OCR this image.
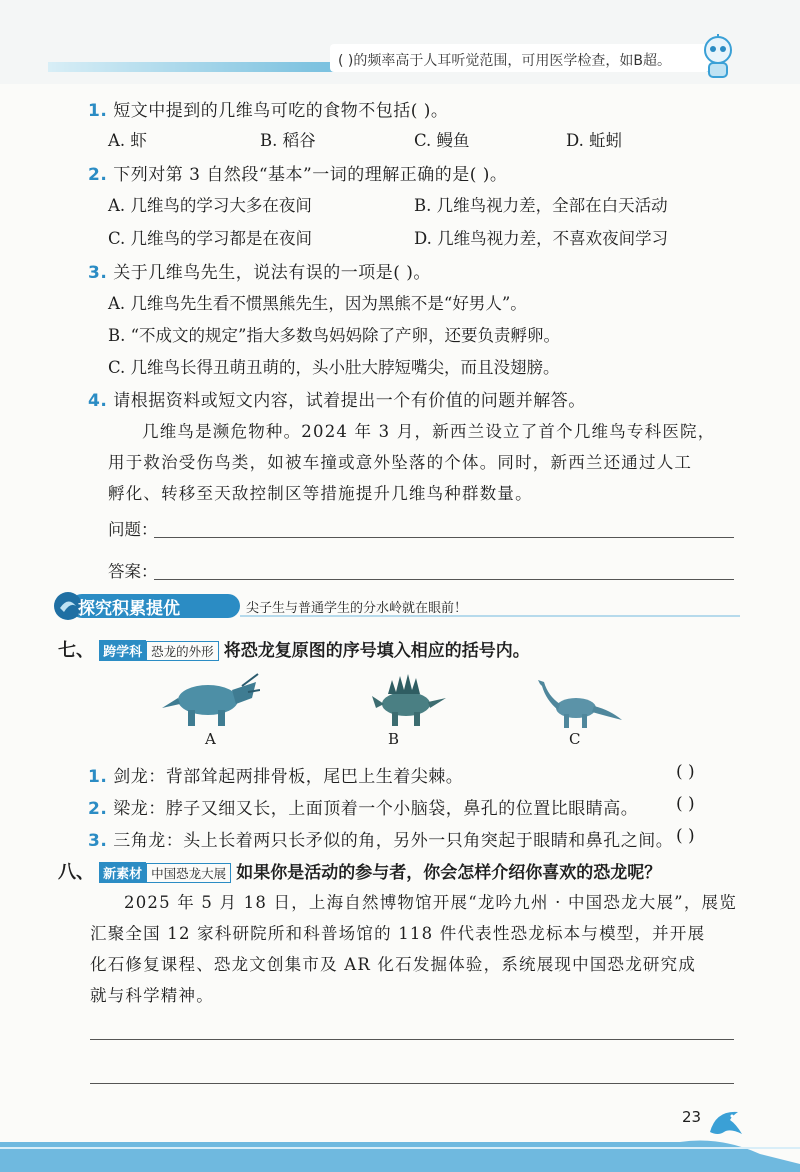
( )的频率高于人耳听觉范围，可用医学检查，如B超。
1. 短文中提到的几维鸟可吃的食物不包括( )。
A. 虾	B. 稻谷	C. 鳗鱼	D. 蚯蚓
2. 下列对第 3 自然段“基本”一词的理解正确的是( )。
A. 几维鸟的学习大多在夜间	B. 几维鸟视力差，全部在白天活动
C. 几维鸟的学习都是在夜间	D. 几维鸟视力差，不喜欢夜间学习
3. 关于几维鸟先生，说法有误的一项是( )。
A. 几维鸟先生看不惯黑熊先生，因为黑熊不是“好男人”。
B. “不成文的规定”指大多数鸟妈妈除了产卵，还要负责孵卵。
C. 几维鸟长得丑萌丑萌的，头小肚大脖短嘴尖，而且没翅膀。
4. 请根据资料或短文内容，试着提出一个有价值的问题并解答。
几维鸟是濒危物种。2024 年 3 月，新西兰设立了首个几维鸟专科医院，
用于救治受伤鸟类，如被车撞或意外坠落的个体。同时，新西兰还通过人工
孵化、转移至天敌控制区等措施提升几维鸟种群数量。
问题：
答案：
探究积累提优	尖子生与普通学生的分水岭就在眼前！
七、 跨学科 恐龙的外形 将恐龙复原图的序号填入相应的括号内。
A	B	C
1. 剑龙：背部耸起两排骨板，尾巴上生着尖棘。	( )
2. 梁龙：脖子又细又长，上面顶着一个小脑袋，鼻孔的位置比眼睛高。 ( )
3. 三角龙：头上长着两只长矛似的角，另外一只角突起于眼睛和鼻孔之间。 ( )
八、 新素材 中国恐龙大展 如果你是活动的参与者，你会怎样介绍你喜欢的恐龙呢？
2025 年 5 月 18 日，上海自然博物馆开展“龙吟九州 · 中国恐龙大展”，展览
汇聚全国 12 家科研院所和科普场馆的 118 件代表性恐龙标本与模型，并开展
化石修复课程、恐龙文创集市及 AR 化石发掘体验，系统展现中国恐龙研究成
就与科学精神。
23
